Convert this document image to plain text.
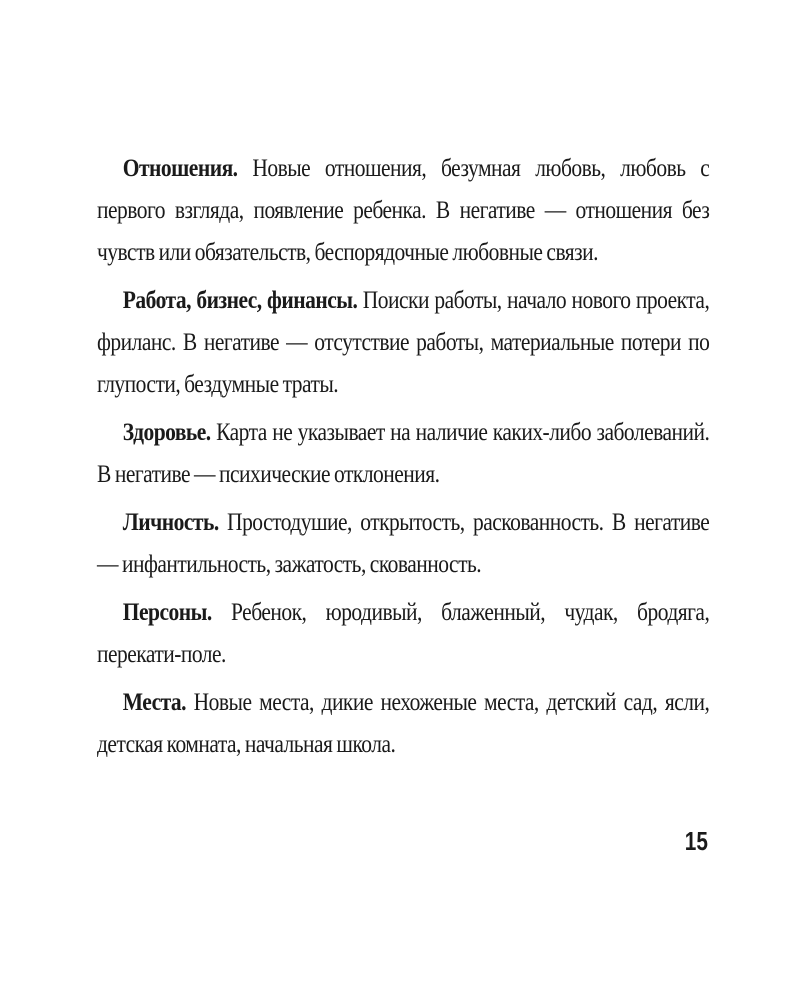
Отношения. Новые отношения, безумная любовь, любовь с первого взгляда, появление ребенка. В негативе — отношения без чувств или обязательств, беспорядочные любовные связи.

Работа, бизнес, финансы. Поиски работы, начало нового проекта, фриланс. В негативе — отсутствие работы, материальные потери по глупости, бездумные траты.

Здоровье. Карта не указывает на наличие каких-либо заболеваний. В негативе — психические отклонения.

Личность. Простодушие, открытость, раскованность. В негативе — инфантильность, зажатость, скованность.

Персоны. Ребенок, юродивый, блаженный, чудак, бродяга, перекати-поле.

Места. Новые места, дикие нехоженые места, детский сад, ясли, детская комната, начальная школа.

15
